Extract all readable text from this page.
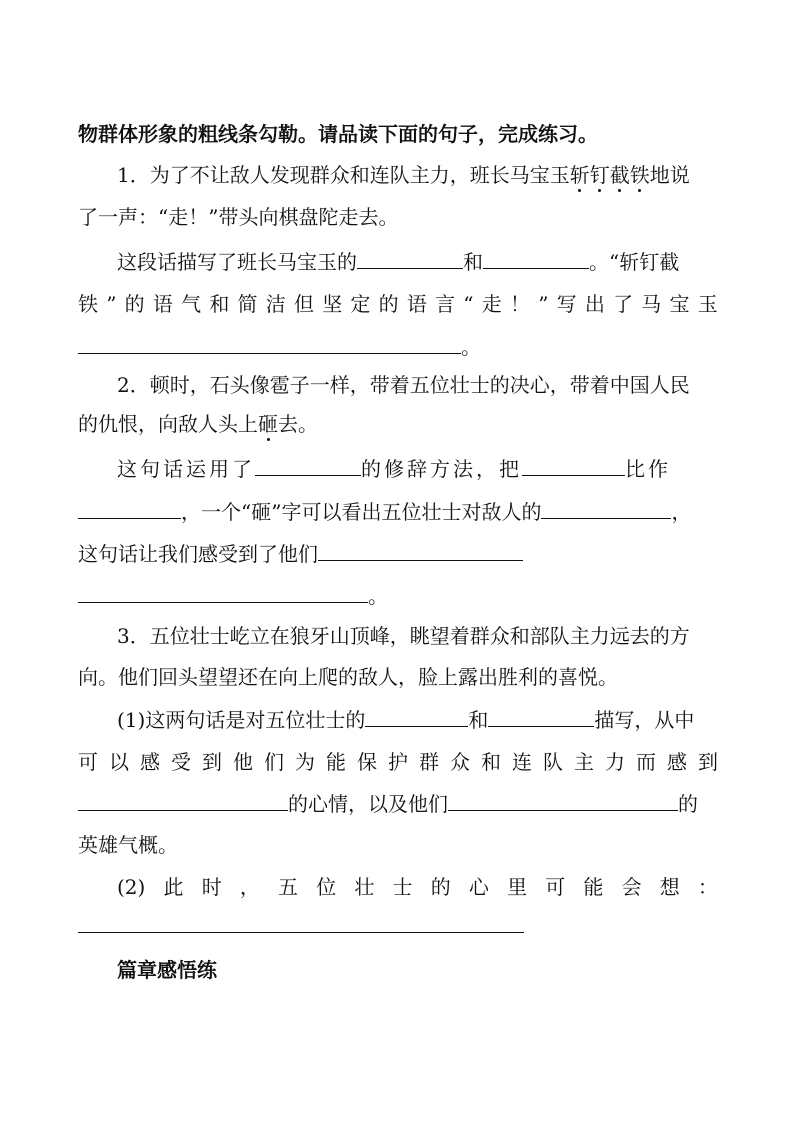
物群体形象的粗线条勾勒。请品读下面的句子，完成练习。
1．为了不让敌人发现群众和连队主力，班长马宝玉斩钉截铁地说
了一声：“走！”带头向棋盘陀走去。
这段话描写了班长马宝玉的	和	。“斩钉截
铁 ” 的 语 气 和 简 洁 但 坚 定 的 语 言 “ 走 ！ ” 写 出 了 马 宝 玉
。
2．顿时，石头像雹子一样，带着五位壮士的决心，带着中国人民
的仇恨，向敌人头上砸去。
这句话运用了	的修辞方法，把	比作
，一个“砸”字可以看出五位壮士对敌人的	，
这句话让我们感受到了他们
。
3．五位壮士屹立在狼牙山顶峰，眺望着群众和部队主力远去的方
向。他们回头望望还在向上爬的敌人，脸上露出胜利的喜悦。
(1)这两句话是对五位壮士的	和	描写，从中
可 以 感 受 到 他 们 为 能 保 护 群 众 和 连 队 主 力 而 感 到
的心情，以及他们	的
英雄气概。
(2) 此 时 ， 五 位 壮 士 的 心 里 可 能 会 想 ：
篇章感悟练
